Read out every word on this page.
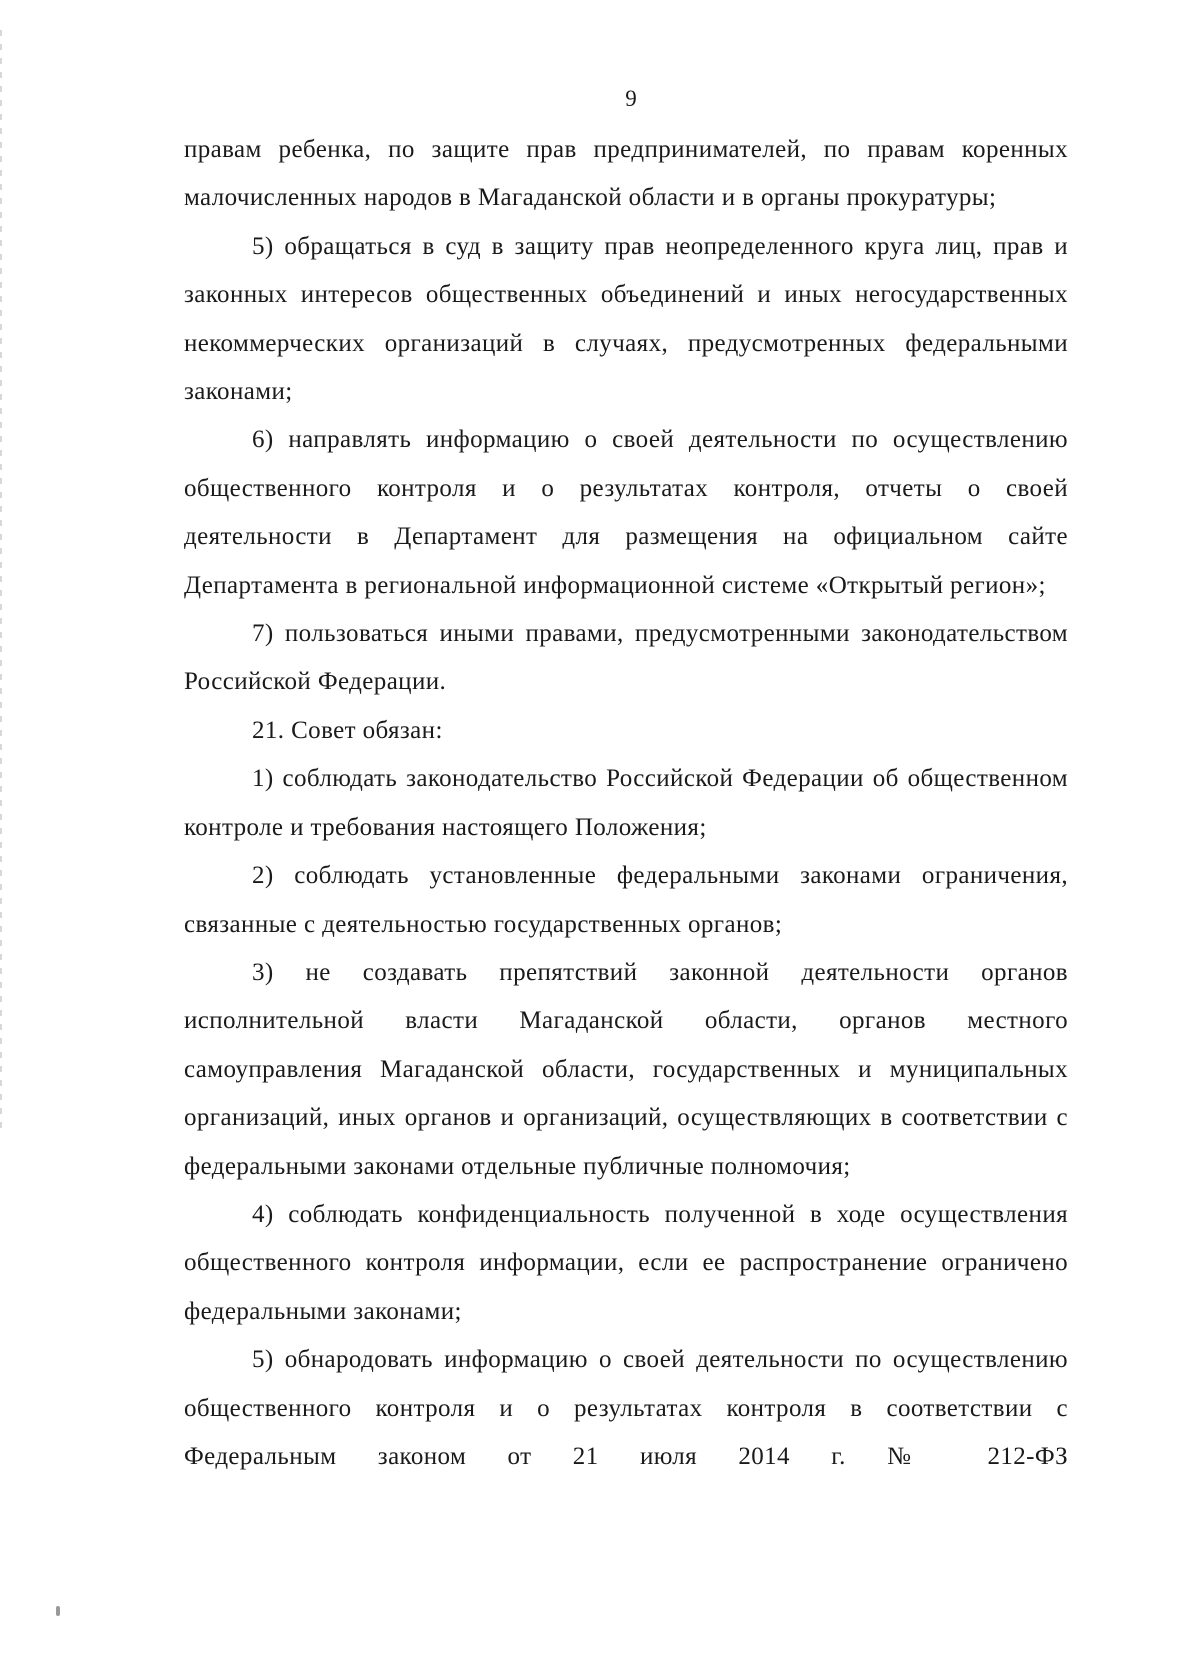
9

правам ребенка, по защите прав предпринимателей, по правам коренных малочисленных народов в Магаданской области и в органы прокуратуры;

5) обращаться в суд в защиту прав неопределенного круга лиц, прав и законных интересов общественных объединений и иных негосударственных некоммерческих организаций в случаях, предусмотренных федеральными законами;

6) направлять информацию о своей деятельности по осуществлению общественного контроля и о результатах контроля, отчеты о своей деятельности в Департамент для размещения на официальном сайте Департамента в региональной информационной системе «Открытый регион»;

7) пользоваться иными правами, предусмотренными законодательством Российской Федерации.

21. Совет обязан:

1) соблюдать законодательство Российской Федерации об общественном контроле и требования настоящего Положения;

2) соблюдать установленные федеральными законами ограничения, связанные с деятельностью государственных органов;

3) не создавать препятствий законной деятельности органов исполнительной власти Магаданской области, органов местного самоуправления Магаданской области, государственных и муниципальных организаций, иных органов и организаций, осуществляющих в соответствии с федеральными законами отдельные публичные полномочия;

4) соблюдать конфиденциальность полученной в ходе осуществления общественного контроля информации, если ее распространение ограничено федеральными законами;

5) обнародовать информацию о своей деятельности по осуществлению общественного контроля и о результатах контроля в соответствии с Федеральным законом от 21 июля 2014 г. № 212-ФЗ
